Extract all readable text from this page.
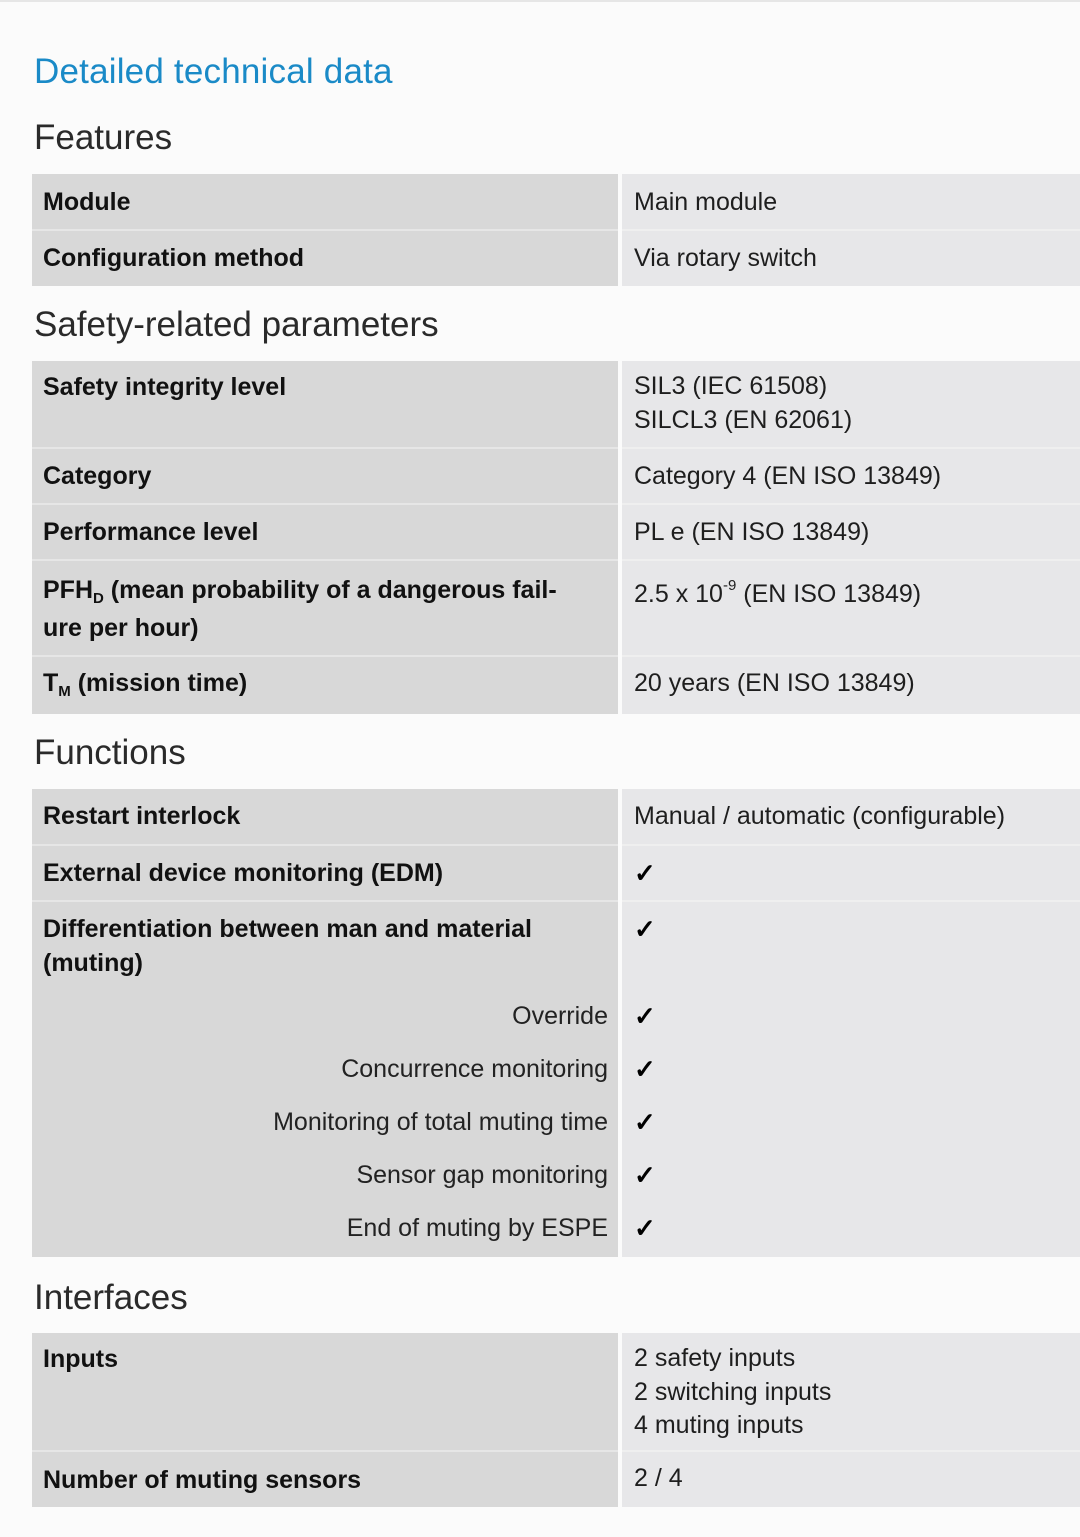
Detailed technical data
Features
Module	Main module

Configuration method	Via rotary switch
Safety-related parameters
Safety integrity level	SIL3 (IEC 61508)
SILCL3 (EN 62061)

Category	Category 4 (EN ISO 13849)

Performance level	PL e (EN ISO 13849)

$PFH_D$ (mean probability of a dangerous fail-
ure per hour)	2.5 x $10^{-9}$ (EN ISO 13849)

$T_M$ (mission time)	20 years (EN ISO 13849)
Functions
Restart interlock	Manual / automatic (configurable)

External device monitoring (EDM)	✓

Differentiation between man and material
(muting)	✓

Override	✓

Concurrence monitoring	✓

Monitoring of total muting time	✓

Sensor gap monitoring	✓

End of muting by ESPE	✓
Interfaces
Inputs	2 safety inputs
2 switching inputs
4 muting inputs

Number of muting sensors	2 / 4
